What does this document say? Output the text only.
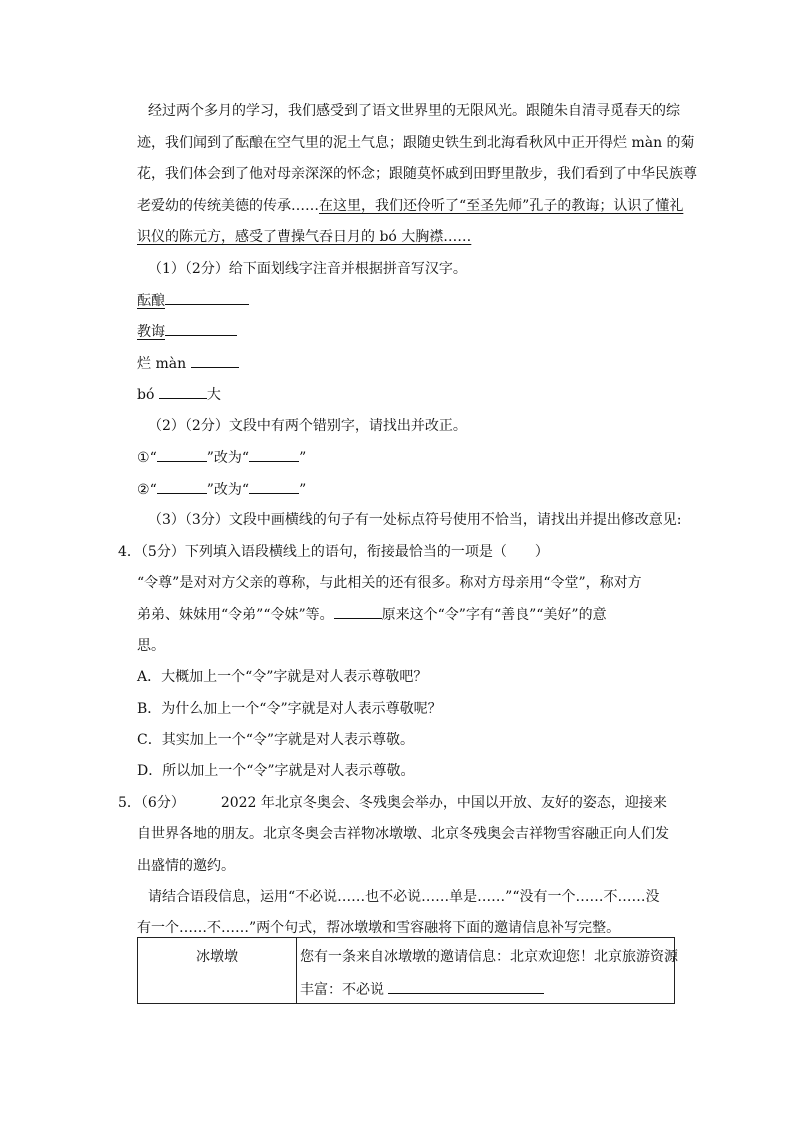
经过两个多月的学习，我们感受到了语文世界里的无限风光。跟随朱自清寻觅春天的综
迹，我们闻到了酝酿在空气里的泥土气息；跟随史铁生到北海看秋风中正开得烂 màn 的菊
花，我们体会到了他对母亲深深的怀念；跟随莫怀戚到田野里散步，我们看到了中华民族尊
老爱幼的传统美德的传承……在这里，我们还伶听了“至圣先师”孔子的教诲；认识了懂礼
识仪的陈元方，感受了曹操气吞日月的 bó 大胸襟……
（1）（2分）给下面划线字注音并根据拼音写汉字。
酝酿
教诲
烂 màn
bó	大
（2）（2分）文段中有两个错别字，请找出并改正。
①“	”改为“	”
②“	”改为“	”
（3）（3分）文段中画横线的句子有一处标点符号使用不恰当，请找出并提出修改意见:
4．（5分）下列填入语段横线上的语句，衔接最恰当的一项是（　　）
“令尊”是对对方父亲的尊称，与此相关的还有很多。称对方母亲用“令堂”，称对方
弟弟、妹妹用“令弟”“令妹”等。	原来这个“令”字有“善良”“美好”的意
思。
A．大概加上一个“令”字就是对人表示尊敬吧？
B．为什么加上一个“令”字就是对人表示尊敬呢？
C．其实加上一个“令”字就是对人表示尊敬。
D．所以加上一个“令”字就是对人表示尊敬。
5．（6分）	2022 年北京冬奥会、冬残奥会举办，中国以开放、友好的姿态，迎接来
自世界各地的朋友。北京冬奥会吉祥物冰墩墩、北京冬残奥会吉祥物雪容融正向人们发
出盛情的邀约。
请结合语段信息，运用“不必说……也不必说……单是……”“没有一个……不……没
有一个……不……”两个句式，帮冰墩墩和雪容融将下面的邀请信息补写完整。
冰墩墩	您有一条来自冰墩墩的邀请信息：北京欢迎您！北京旅游资源
丰富：不必说
